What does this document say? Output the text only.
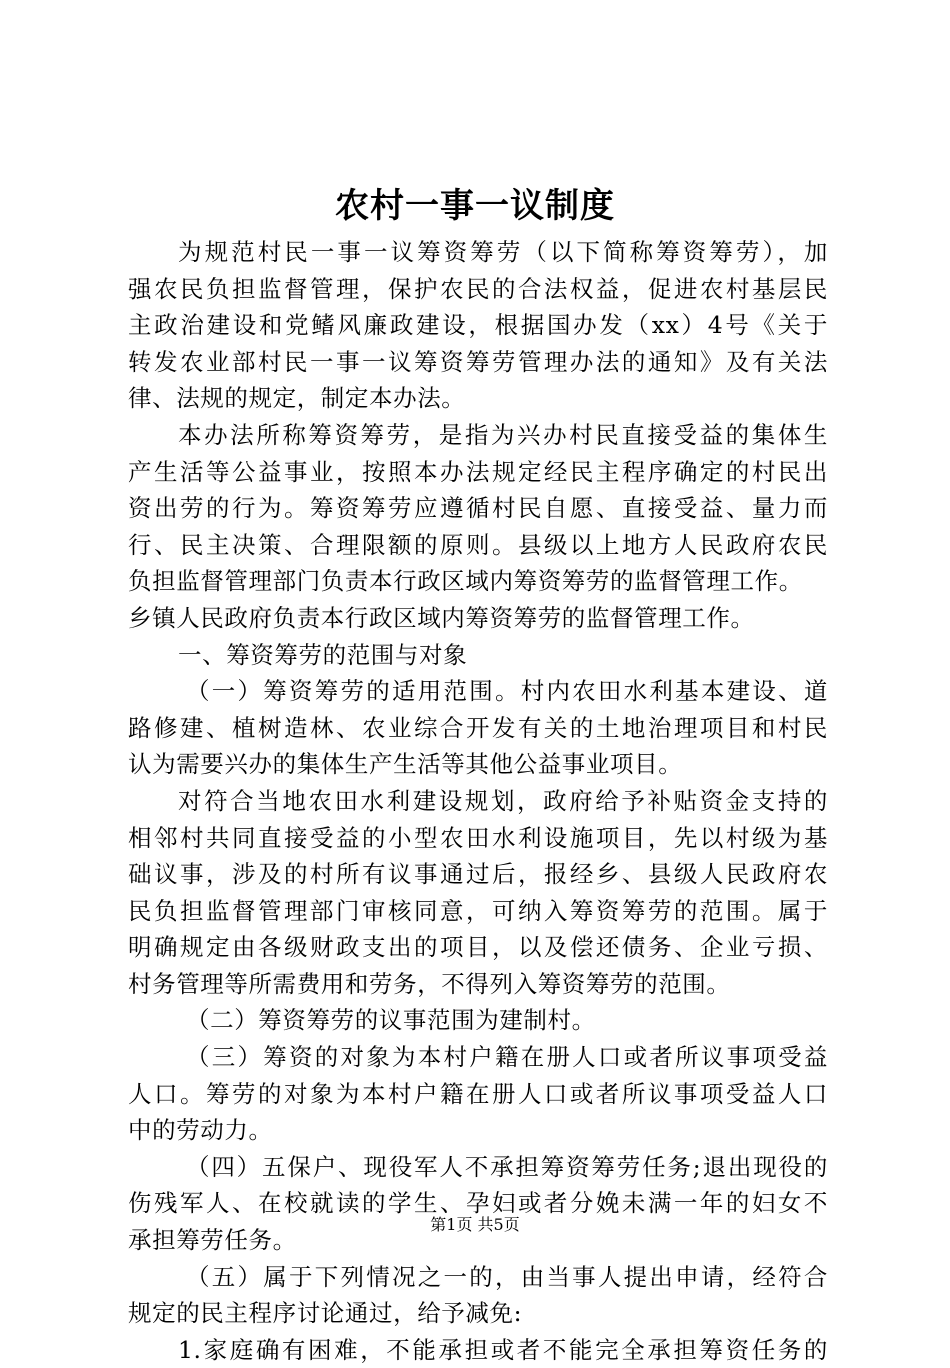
农村一事一议制度
为规范村民一事一议筹资筹劳（以下简称筹资筹劳），加
强农民负担监督管理，保护农民的合法权益，促进农村基层民
主政治建设和党鳍风廉政建设，根据国办发（xx）4号《关于
转发农业部村民一事一议筹资筹劳管理办法的通知》及有关法
律、法规的规定，制定本办法。
本办法所称筹资筹劳，是指为兴办村民直接受益的集体生
产生活等公益事业，按照本办法规定经民主程序确定的村民出
资出劳的行为。筹资筹劳应遵循村民自愿、直接受益、量力而
行、民主决策、合理限额的原则。县级以上地方人民政府农民
负担监督管理部门负责本行政区域内筹资筹劳的监督管理工作。
乡镇人民政府负责本行政区域内筹资筹劳的监督管理工作。
一、筹资筹劳的范围与对象
（一）筹资筹劳的适用范围。村内农田水利基本建设、道
路修建、植树造林、农业综合开发有关的土地治理项目和村民
认为需要兴办的集体生产生活等其他公益事业项目。
对符合当地农田水利建设规划，政府给予补贴资金支持的
相邻村共同直接受益的小型农田水利设施项目，先以村级为基
础议事，涉及的村所有议事通过后，报经乡、县级人民政府农
民负担监督管理部门审核同意，可纳入筹资筹劳的范围。属于
明确规定由各级财政支出的项目，以及偿还债务、企业亏损、
村务管理等所需费用和劳务，不得列入筹资筹劳的范围。
（二）筹资筹劳的议事范围为建制村。
（三）筹资的对象为本村户籍在册人口或者所议事项受益
人口。筹劳的对象为本村户籍在册人口或者所议事项受益人口
中的劳动力。
（四）五保户、现役军人不承担筹资筹劳任务;退出现役的
伤残军人、在校就读的学生、孕妇或者分娩未满一年的妇女不
承担筹劳任务。
（五）属于下列情况之一的，由当事人提出申请，经符合
规定的民主程序讨论通过，给予减免:
1.家庭确有困难，不能承担或者不能完全承担筹资任务的
第1页 共5页
